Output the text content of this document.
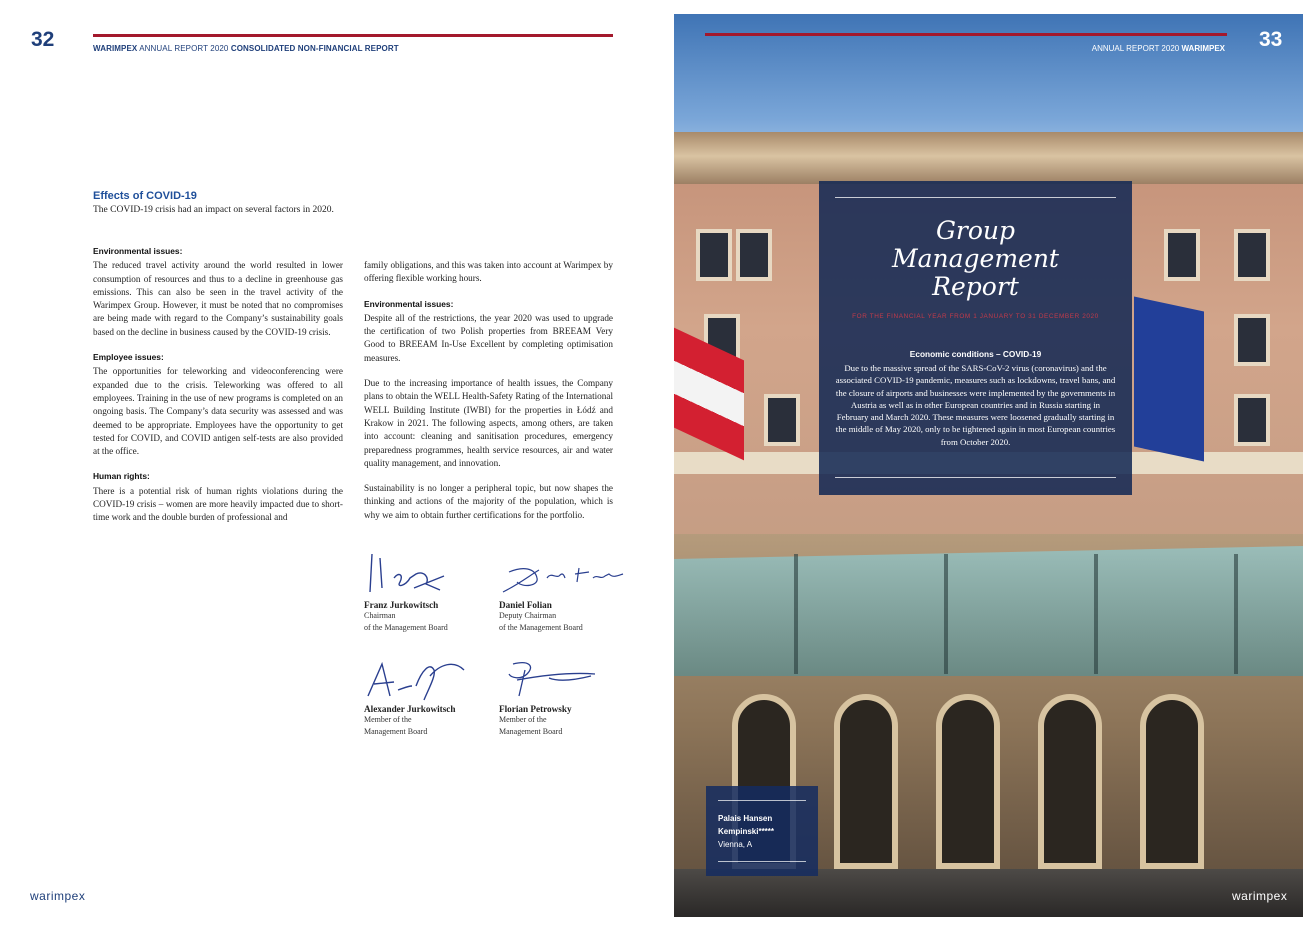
32	WARIMPEX ANNUAL REPORT 2020 CONSOLIDATED NON-FINANCIAL REPORT
Effects of COVID-19
The COVID-19 crisis had an impact on several factors in 2020.
Environmental issues:

The reduced travel activity around the world resulted in lower consumption of resources and thus to a decline in greenhouse gas emissions. This can also be seen in the travel activity of the Warimpex Group. However, it must be noted that no compromises are being made with regard to the Company’s sustainability goals based on the decline in business caused by the COVID-19 crisis.

Employee issues:

The opportunities for teleworking and videoconferencing were expanded due to the crisis. Teleworking was offered to all employees. Training in the use of new programs is completed on an ongoing basis. The Company’s data security was assessed and was deemed to be appropriate. Employees have the opportunity to get tested for COVID, and COVID antigen self-tests are also provided at the office.

Human rights:

There is a potential risk of human rights violations during the COVID-19 crisis – women are more heavily impacted due to short-time work and the double burden of professional and

family obligations, and this was taken into account at Warimpex by offering flexible working hours.

Environmental issues:

Despite all of the restrictions, the year 2020 was used to upgrade the certification of two Polish properties from BREEAM Very Good to BREEAM In-Use Excellent by completing optimisation measures.

Due to the increasing importance of health issues, the Company plans to obtain the WELL Health-Safety Rating of the International WELL Building Institute (IWBI) for the properties in Łódź and Krakow in 2021. The following aspects, among others, are taken into account: cleaning and sanitisation procedures, emergency preparedness programmes, health service resources, air and water quality management, and innovation.

Sustainability is no longer a peripheral topic, but now shapes the thinking and actions of the majority of the population, which is why we aim to obtain further certifications for the portfolio.

Franz Jurkowitsch
Chairman
of the Management Board
Daniel Folian
Deputy Chairman
of the Management Board
Alexander Jurkowitsch
Member of the
Management Board
Florian Petrowsky
Member of the
Management Board
warimpex
ANNUAL REPORT 2020 WARIMPEX 33
Group
Management
Report
FOR THE FINANCIAL YEAR FROM 1 JANUARY TO 31 DECEMBER 2020
Economic conditions – COVID-19
Due to the massive spread of the SARS-CoV-2 virus (coronavirus) and the associated COVID-19 pandemic, measures such as lockdowns, travel bans, and the closure of airports and businesses were implemented by the governments in Austria as well as in other European countries and in Russia starting in February and March 2020. These measures were loosened gradually starting in the middle of May 2020, only to be tightened again in most European countries from October 2020.
Palais Hansen
Kempinski*****
Vienna, A
warimpex
